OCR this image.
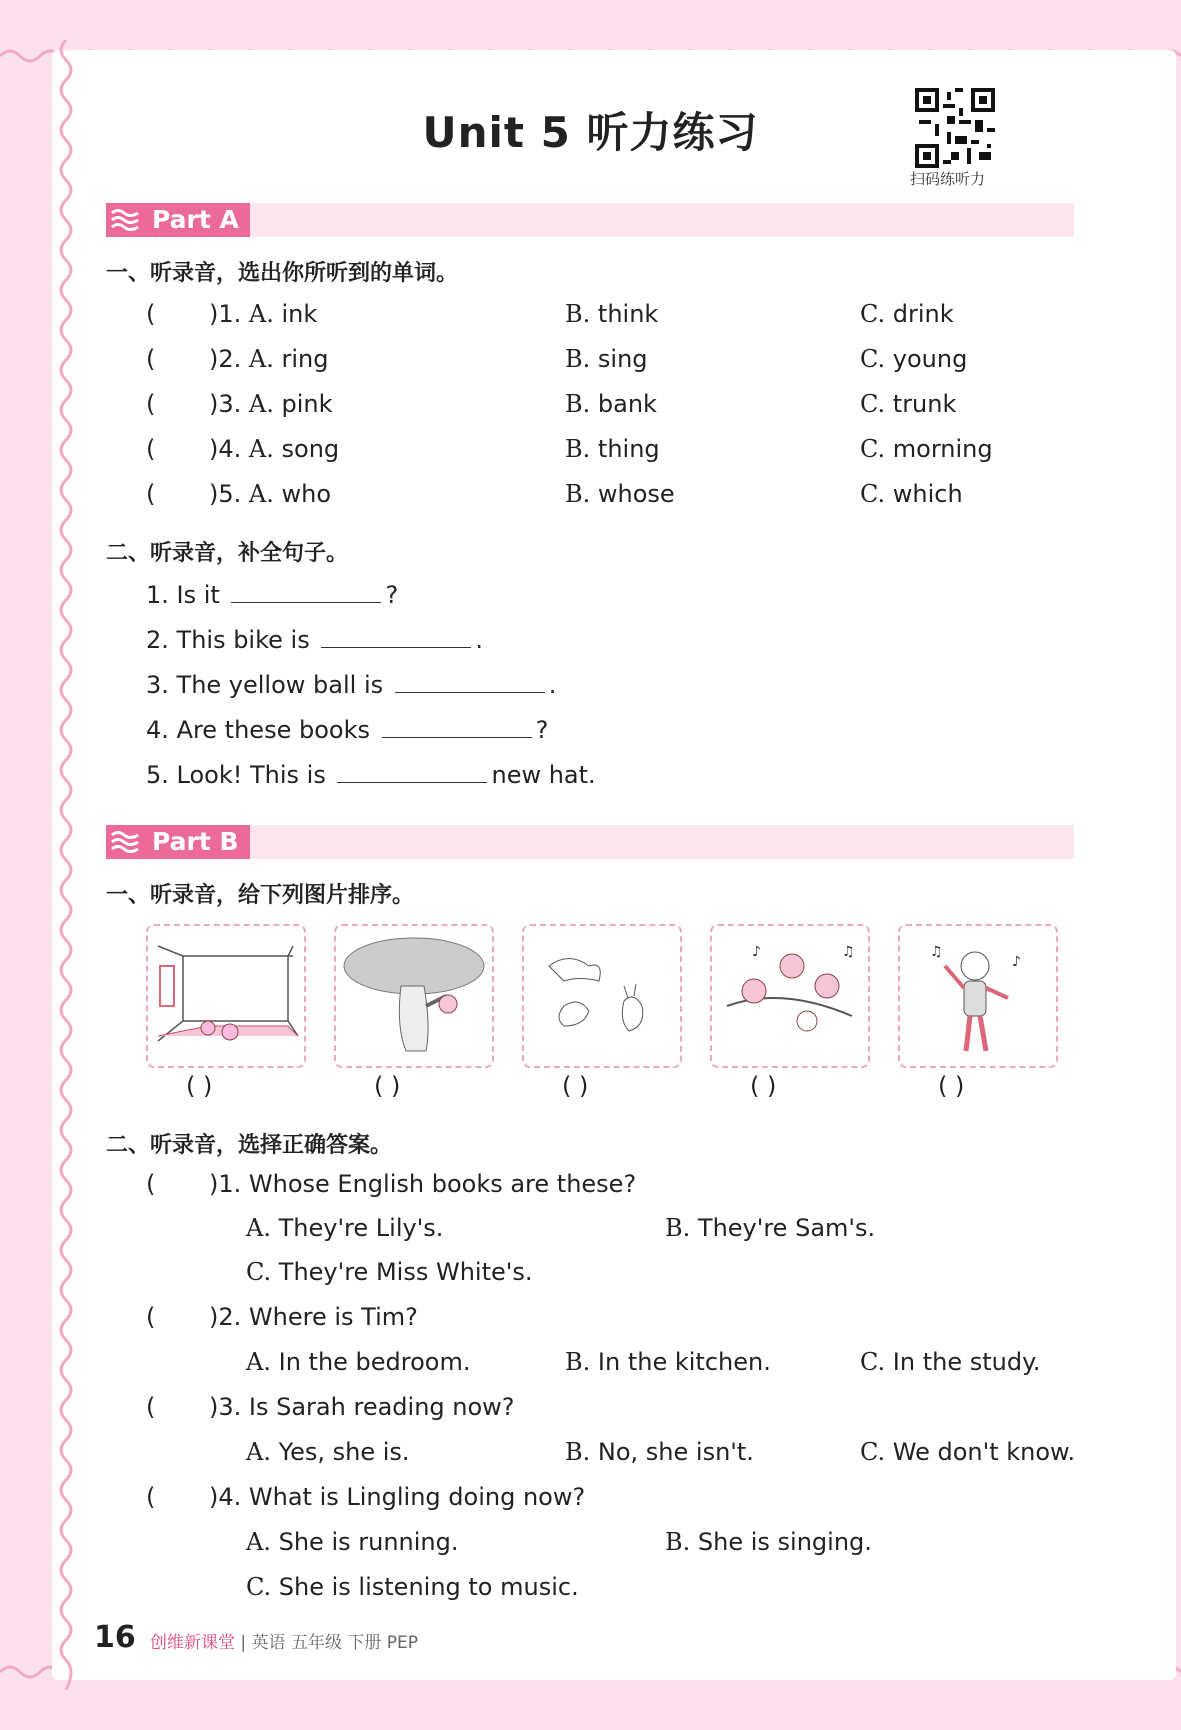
Unit 5 听力练习
扫码练听力
Part A
一、听录音，选出你所听到的单词。
( )1. A. ink	B. think	C. drink
( )2. A. ring	B. sing	C. young
( )3. A. pink	B. bank	C. trunk
( )4. A. song	B. thing	C. morning
( )5. A. who	B. whose	C. which
二、听录音，补全句子。
1. Is it	?
2. This bike is	.
3. The yellow ball is	.
4. Are these books	?
5. Look! This is	new hat.
Part B
一、听录音，给下列图片排序。
♪	♫	♫
♪
( )	( )	( )	( )	( )
二、听录音，选择正确答案。
( )1. Whose English books are these?
A. They're Lily's.	B. They're Sam's.
C. They're Miss White's.
( )2. Where is Tim?
A. In the bedroom.	B. In the kitchen.	C. In the study.
( )3. Is Sarah reading now?
A. Yes, she is.	B. No, she isn't.	C. We don't know.
( )4. What is Lingling doing now?
A. She is running.	B. She is singing.
C. She is listening to music.
16 创维新课堂 | 英语 五年级 下册 PEP
